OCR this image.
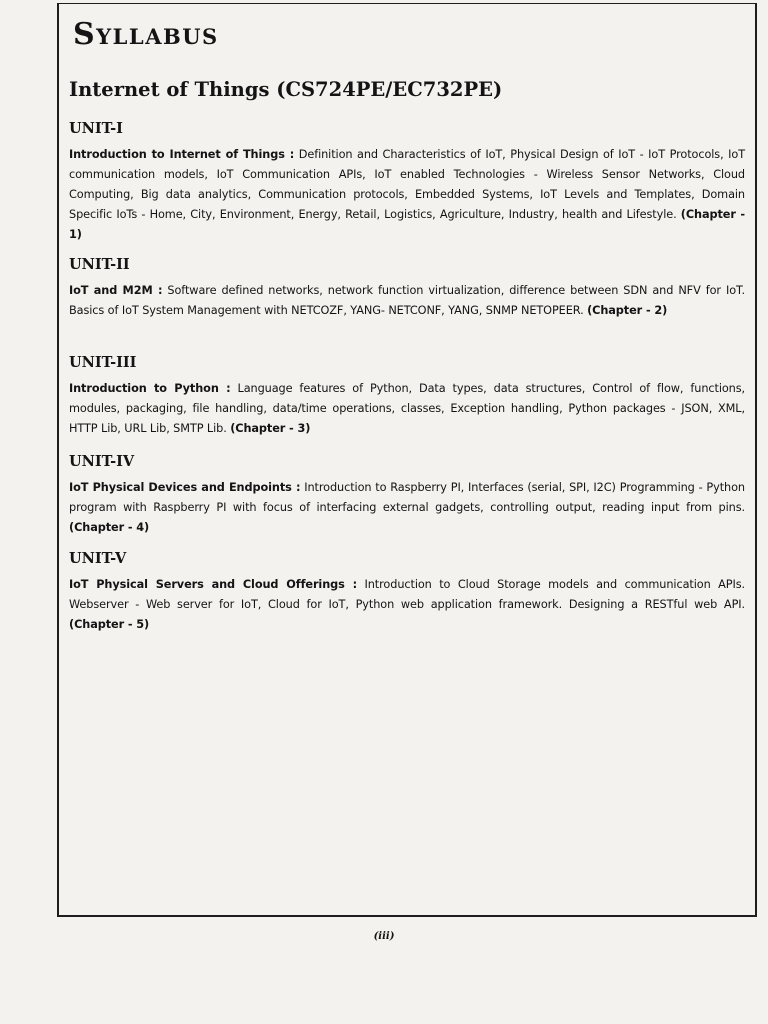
Syllabus
Internet of Things (CS724PE/EC732PE)
UNIT-I

Introduction to Internet of Things : Definition and Characteristics of IoT, Physical Design of IoT - IoT Protocols, IoT communication models, IoT Communication APIs, IoT enabled Technologies - Wireless Sensor Networks, Cloud Computing, Big data analytics, Communication protocols, Embedded Systems, IoT Levels and Templates, Domain Specific IoTs - Home, City, Environment, Energy, Retail, Logistics, Agriculture, Industry, health and Lifestyle. (Chapter - 1)

UNIT-II

IoT and M2M : Software defined networks, network function virtualization, difference between SDN and NFV for IoT. Basics of IoT System Management with NETCOZF, YANG- NETCONF, YANG, SNMP NETOPEER. (Chapter - 2)

UNIT-III

Introduction to Python : Language features of Python, Data types, data structures, Control of flow, functions, modules, packaging, file handling, data/time operations, classes, Exception handling, Python packages - JSON, XML, HTTP Lib, URL Lib, SMTP Lib. (Chapter - 3)

UNIT-IV

IoT Physical Devices and Endpoints : Introduction to Raspberry PI, Interfaces (serial, SPI, I2C) Programming - Python program with Raspberry PI with focus of interfacing external gadgets, controlling output, reading input from pins. (Chapter - 4)

UNIT-V

IoT Physical Servers and Cloud Offerings : Introduction to Cloud Storage models and communication APIs. Webserver - Web server for IoT, Cloud for IoT, Python web application framework. Designing a RESTful web API. (Chapter - 5)

(iii)
